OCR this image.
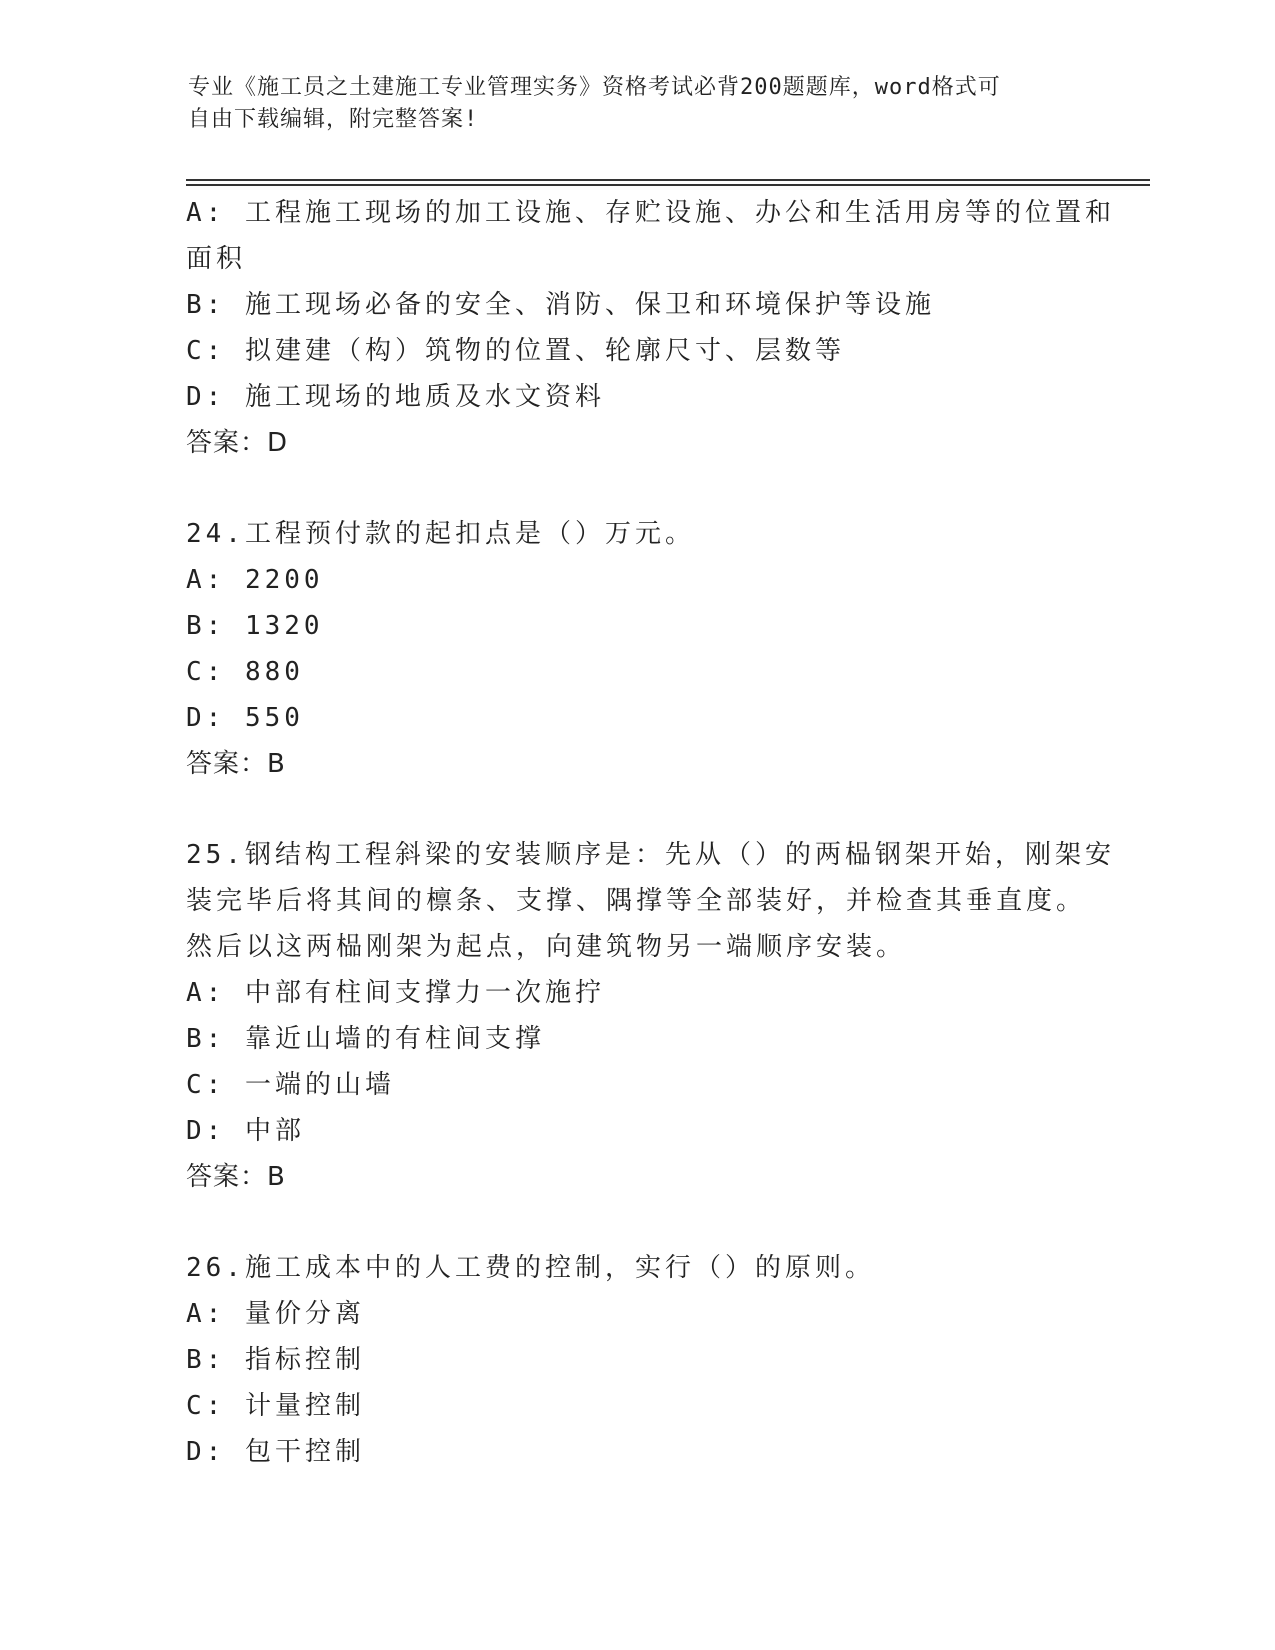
专业《施工员之土建施工专业管理实务》资格考试必背200题题库，word格式可
自由下载编辑，附完整答案!
A: 工程施工现场的加工设施、存贮设施、办公和生活用房等的位置和
面积
B: 施工现场必备的安全、消防、保卫和环境保护等设施
C: 拟建建（构）筑物的位置、轮廓尺寸、层数等
D: 施工现场的地质及水文资料
答案：D
24.工程预付款的起扣点是（）万元。
A: 2200
B: 1320
C: 880
D: 550
答案：B
25.钢结构工程斜梁的安装顺序是：先从（）的两榀钢架开始，刚架安
装完毕后将其间的檩条、支撑、隅撑等全部装好，并检查其垂直度。
然后以这两榀刚架为起点，向建筑物另一端顺序安装。
A: 中部有柱间支撑力一次施拧
B: 靠近山墙的有柱间支撑
C: 一端的山墙
D: 中部
答案：B
26.施工成本中的人工费的控制，实行（）的原则。
A: 量价分离
B: 指标控制
C: 计量控制
D: 包干控制
